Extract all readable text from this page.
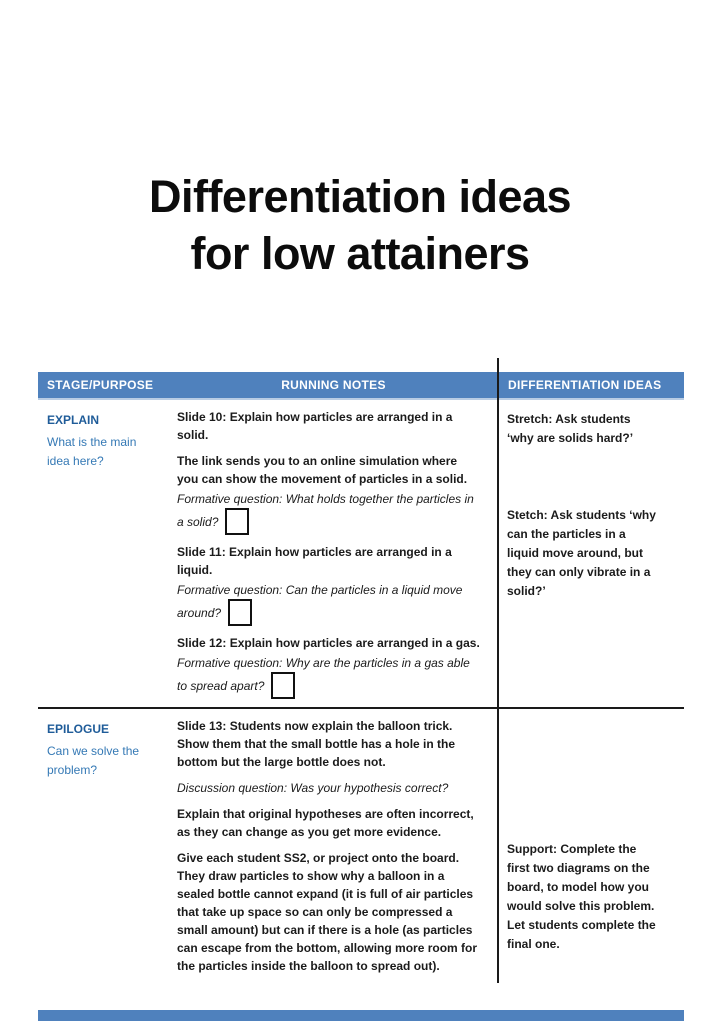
Differentiation ideas
for low attainers
STAGE/PURPOSE	RUNNING NOTES	DIFFERENTIATION IDEAS

EXPLAIN

What is the main idea here?

Slide 10: Explain how particles are arranged in a solid.

The link sends you to an online simulation where you can show the movement of particles in a solid.

Formative question: What holds together the particles in a solid?

Slide 11: Explain how particles are arranged in a liquid.

Formative question: Can the particles in a liquid move around?

Slide 12: Explain how particles are arranged in a gas.

Formative question: Why are the particles in a gas able to spread apart?

Stretch: Ask students ‘why are solids hard?’

Stetch: Ask students ‘why can the particles in a liquid move around, but they can only vibrate in a solid?’

EPILOGUE

Can we solve the problem?

Slide 13: Students now explain the balloon trick. Show them that the small bottle has a hole in the bottom but the large bottle does not.

Discussion question: Was your hypothesis correct?

Explain that original hypotheses are often incorrect, as they can change as you get more evidence.

Give each student SS2, or project onto the board. They draw particles to show why a balloon in a sealed bottle cannot expand (it is full of air particles that take up space so can only be compressed a small amount) but can if there is a hole (as particles can escape from the bottom, allowing more room for the particles inside the balloon to spread out).

Support: Complete the first two diagrams on the board, to model how you would solve this problem. Let students complete the final one.
